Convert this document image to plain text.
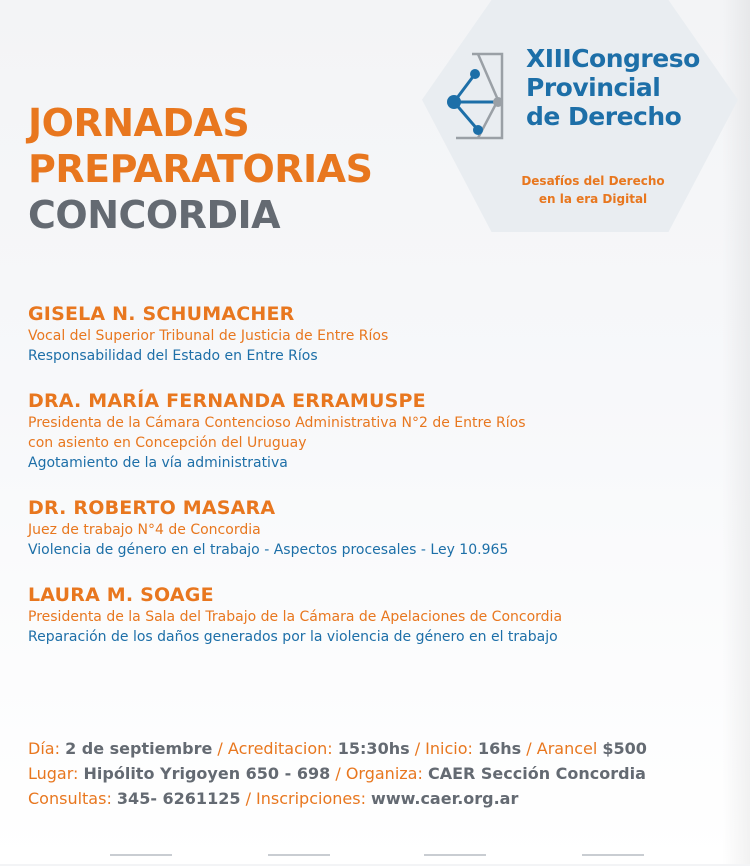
XIIICongreso
Provincial
de Derecho
Desafíos del Derecho
en la era Digital
JORNADAS
PREPARATORIAS
CONCORDIA
GISELA N. SCHUMACHER
Vocal del Superior Tribunal de Justicia de Entre Ríos
Responsabilidad del Estado en Entre Ríos
DRA. MARÍA FERNANDA ERRAMUSPE
Presidenta de la Cámara Contencioso Administrativa N°2 de Entre Ríos
con asiento en Concepción del Uruguay
Agotamiento de la vía administrativa
DR. ROBERTO MASARA
Juez de trabajo N°4 de Concordia
Violencia de género en el trabajo - Aspectos procesales - Ley 10.965
LAURA M. SOAGE
Presidenta de la Sala del Trabajo de la Cámara de Apelaciones de Concordia
Reparación de los daños generados por la violencia de género en el trabajo
Día: 2 de septiembre / Acreditacion: 15:30hs / Inicio: 16hs / Arancel $500
Lugar: Hipólito Yrigoyen 650 - 698 / Organiza: CAER Sección Concordia
Consultas: 345- 6261125 / Inscripciones: www.caer.org.ar
